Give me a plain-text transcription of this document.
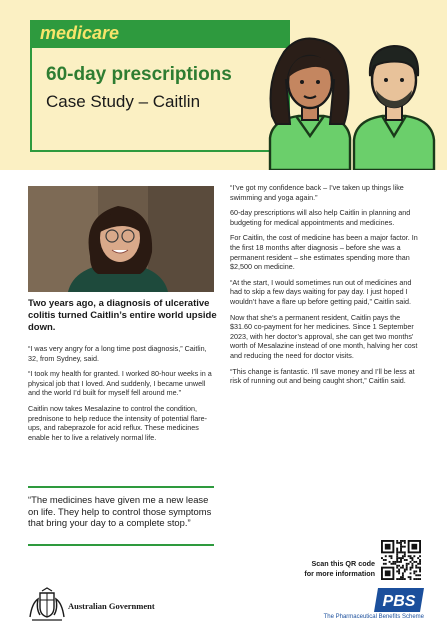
medicare
60-day prescriptions
Case Study – Caitlin
Two years ago, a diagnosis of ulcerative colitis turned Caitlin’s entire world upside down.

“I was very angry for a long time post diagnosis,” Caitlin, 32, from Sydney, said.

“I took my health for granted. I worked 80-hour weeks in a physical job that I loved. And suddenly, I became unwell and the world I’d built for myself fell around me.”

Caitlin now takes Mesalazine to control the condition, prednisone to help reduce the intensity of potential flare-ups, and rabeprazole for acid reflux. These medicines enable her to live a relatively normal life.

“The medicines have given me a new lease on life. They help to control those symptoms that bring your day to a complete stop.”

“I’ve got my confidence back – I’ve taken up things like swimming and yoga again.”

60-day prescriptions will also help Caitlin in planning and budgeting for medical appointments and medicines.

For Caitlin, the cost of medicine has been a major factor. In the first 18 months after diagnosis – before she was a permanent resident – she estimates spending more than $2,500 on medicine.

“At the start, I would sometimes run out of medicines and had to skip a few days waiting for pay day. I just hoped I wouldn’t have a flare up before getting paid,” Caitlin said.

Now that she’s a permanent resident, Caitlin pays the $31.60 co-payment for her medicines. Since 1 September 2023, with her doctor’s approval, she can get two months’ worth of Mesalazine instead of one month, halving her cost and reducing the need for doctor visits.

“This change is fantastic. I’ll save money and I’ll be less at risk of running out and being caught short,” Caitlin said.

Scan this QR code
for more information
Australian Government	PBS
The Pharmaceutical Benefits Scheme
